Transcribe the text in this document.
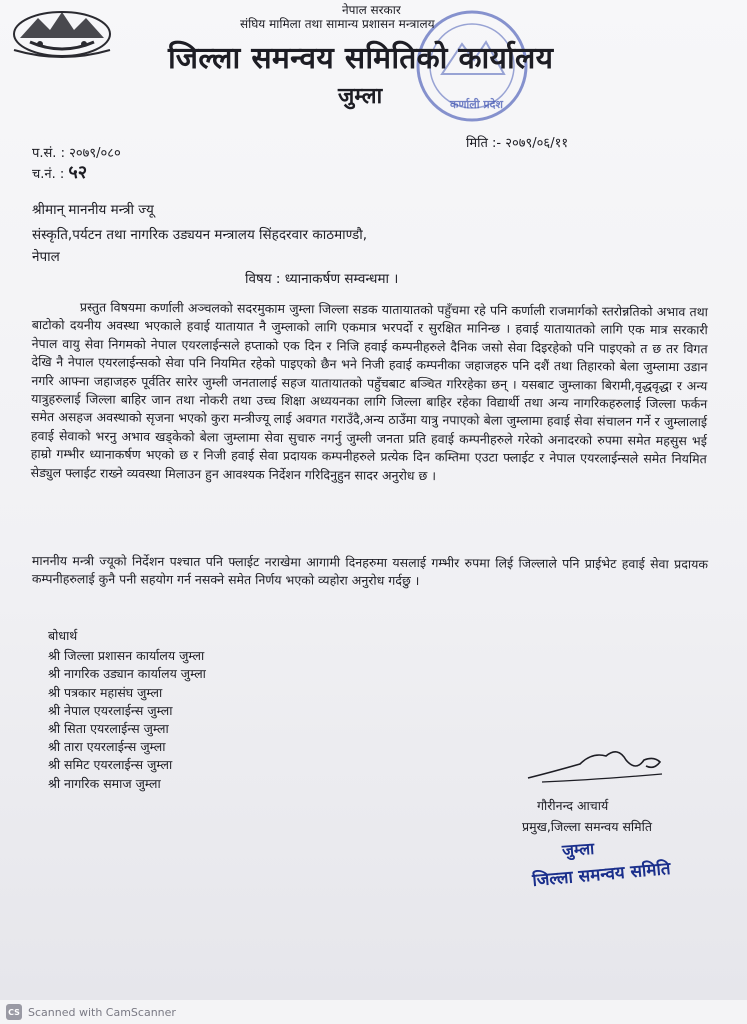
कर्णाली प्रदेश
नेपाल सरकार
संघिय मामिला तथा सामान्य प्रशासन मन्त्रालय
जिल्ला समन्वय समितिको कार्यालय
जुम्ला
मिति :- २०७९/०६/११
प.सं. : २०७९/०८०
च.नं. : ५२
श्रीमान् माननीय मन्त्री ज्यू
संस्कृति,पर्यटन तथा नागरिक उड्ययन मन्त्रालय सिंहदरवार काठमाण्डौ,
नेपाल
विषय : ध्यानाकर्षण सम्वन्धमा ।
प्रस्तुत विषयमा कर्णाली अञ्चलको सदरमुकाम जुम्ला जिल्ला सडक यातायातको पहुँचमा रहे पनि कर्णाली राजमार्गको स्तरोन्नतिको अभाव तथा बाटोको दयनीय अवस्था भएकाले हवाई यातायात नै जुम्लाको लागि एकमात्र भरपर्दो र सुरक्षित मानिन्छ । हवाई यातायातको लागि एक मात्र सरकारी नेपाल वायु सेवा निगमको नेपाल एयरलाईन्सले हप्ताको एक दिन र निजि हवाई कम्पनीहरुले दैनिक जसो सेवा दिइरहेको पनि पाइएको त छ तर विगत देखि नै नेपाल एयरलाईन्सको सेवा पनि नियमित रहेको पाइएको छैन भने निजी हवाई कम्पनीका जहाजहरु पनि दशैं तथा तिहारको बेला जुम्लामा उडान नगरि आफ्ना जहाजहरु पूर्वतिर सारेर जुम्ली जनतालाई सहज यातायातको पहुँचबाट बञ्चित गरिरहेका छन् । यसबाट जुम्लाका बिरामी,वृद्धवृद्धा र अन्य यात्रुहरुलाई जिल्ला बाहिर जान तथा नोकरी तथा उच्च शिक्षा अध्ययनका लागि जिल्ला बाहिर रहेका विद्यार्थी तथा अन्य नागरिकहरुलाई जिल्ला फर्कन समेत असहज अवस्थाको सृजना भएको कुरा मन्त्रीज्यू लाई अवगत गराउँदै,अन्य ठाउँमा यात्रु नपाएको बेला जुम्लामा हवाई सेवा संचालन गर्ने र जुम्लालाई हवाई सेवाको भरनु अभाव खड्केको बेला जुम्लामा सेवा सुचारु नगर्नु जुम्ली जनता प्रति हवाई कम्पनीहरुले गरेको अनादरको रुपमा समेत महसुस भई हाम्रो गम्भीर ध्यानाकर्षण भएको छ र निजी हवाई सेवा प्रदायक कम्पनीहरुले प्रत्येक दिन कम्तिमा एउटा फ्लाईट र नेपाल एयरलाईन्सले समेत नियमित सेड्युल फ्लाईट राख्ने व्यवस्था मिलाउन हुन आवश्यक निर्देशन गरिदिनुहुन सादर अनुरोध छ ।
माननीय मन्त्री ज्यूको निर्देशन पश्चात पनि फ्लाईट नराखेमा आगामी दिनहरुमा यसलाई गम्भीर रुपमा लिई जिल्लाले पनि प्राईभेट हवाई सेवा प्रदायक कम्पनीहरुलाई कुनै पनी सहयोग गर्न नसक्ने समेत निर्णय भएको व्यहोरा अनुरोध गर्दछु ।
बोधार्थ
श्री जिल्ला प्रशासन कार्यालय जुम्ला
श्री नागरिक उड्यान कार्यालय जुम्ला
श्री पत्रकार महासंघ जुम्ला
श्री नेपाल एयरलाईन्स जुम्ला
श्री सिता एयरलाईन्स जुम्ला
श्री तारा एयरलाईन्स जुम्ला
श्री समिट एयरलाईन्स जुम्ला
श्री नागरिक समाज जुम्ला
गौरीनन्द आचार्य
प्रमुख,जिल्ला समन्वय समिति
जुम्ला
जिल्ला समन्वय समिति
CS Scanned with CamScanner
